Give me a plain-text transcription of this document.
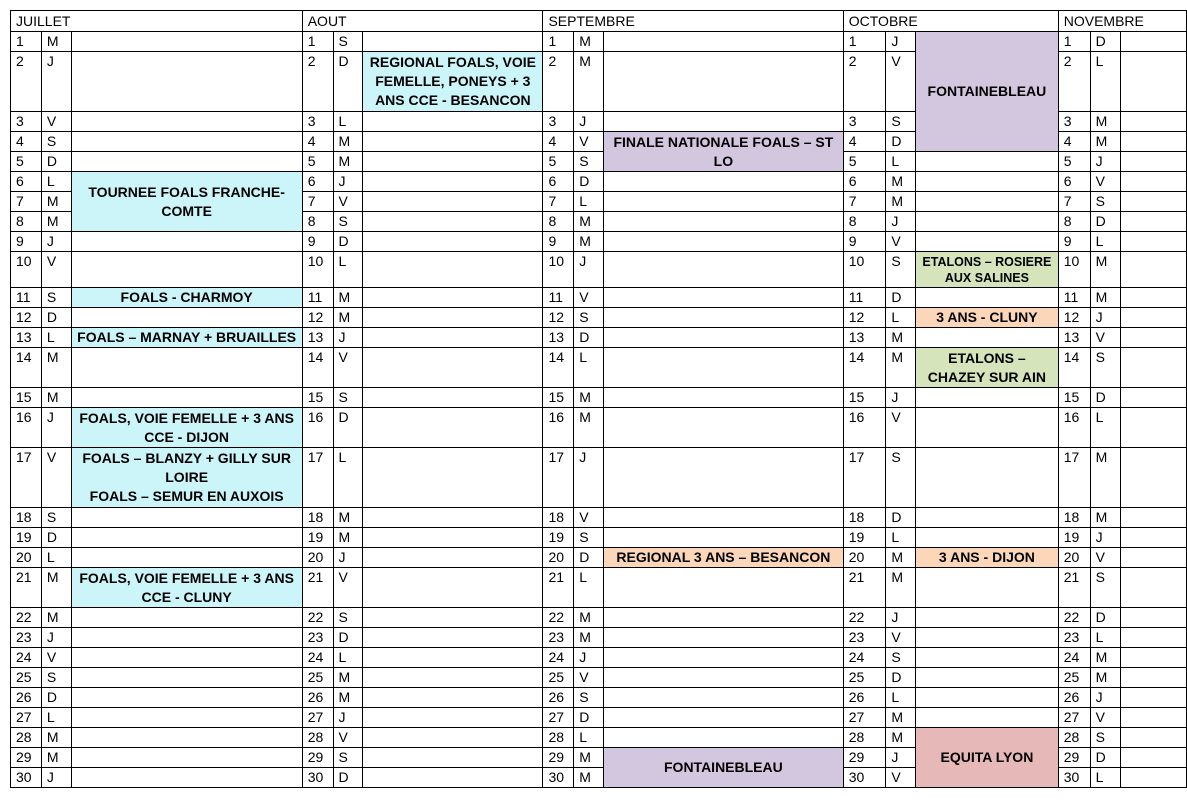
JUILLET			AOUT			SEPTEMBRE			OCTOBRE			NOVEMBRE		
1	M		1	S		1	M		1	J	FONTAINEBLEAU	1	D	
2	J		2	D	REGIONAL FOALS, VOIE FEMELLE, PONEYS + 3 ANS CCE - BESANCON	2	M		2	V		2	L	
3	V		3	L		3	J		3	S		3	M	
4	S		4	M		4	V	FINALE NATIONALE FOALS – ST LO	4	D		4	M	
5	D		5	M		5	S		5	L		5	J	
6	L	TOURNEE FOALS FRANCHE-COMTE	6	J		6	D		6	M		6	V	
7	M		7	V		7	L		7	M		7	S	
8	M		8	S		8	M		8	J		8	D	
9	J		9	D		9	M		9	V		9	L	
10	V		10	L		10	J		10	S	ETALONS – ROSIERE AUX SALINES	10	M	
11	S	FOALS - CHARMOY	11	M		11	V		11	D		11	M	
12	D		12	M		12	S		12	L	3 ANS - CLUNY	12	J	
13	L	FOALS – MARNAY + BRUAILLES	13	J		13	D		13	M		13	V	
14	M		14	V		14	L		14	M	ETALONS – CHAZEY SUR AIN	14	S	
15	M		15	S		15	M		15	J		15	D	
16	J	FOALS, VOIE FEMELLE + 3 ANS CCE - DIJON	16	D		16	M		16	V		16	L	
17	V	FOALS – BLANZY + GILLY SUR LOIRE
FOALS – SEMUR EN AUXOIS	17	L		17	J		17	S		17	M	
18	S		18	M		18	V		18	D		18	M	
19	D		19	M		19	S		19	L		19	J	
20	L		20	J		20	D	REGIONAL 3 ANS – BESANCON	20	M	3 ANS - DIJON	20	V	
21	M	FOALS, VOIE FEMELLE + 3 ANS CCE - CLUNY	21	V		21	L		21	M		21	S	
22	M		22	S		22	M		22	J		22	D	
23	J		23	D		23	M		23	V		23	L	
24	V		24	L		24	J		24	S		24	M	
25	S		25	M		25	V		25	D		25	M	
26	D		26	M		26	S		26	L		26	J	
27	L		27	J		27	D		27	M		27	V	
28	M		28	V		28	L		28	M	EQUITA LYON	28	S	
29	M		29	S		29	M	FONTAINEBLEAU	29	J		29	D	
30	J		30	D		30	M		30	V		30	L	
